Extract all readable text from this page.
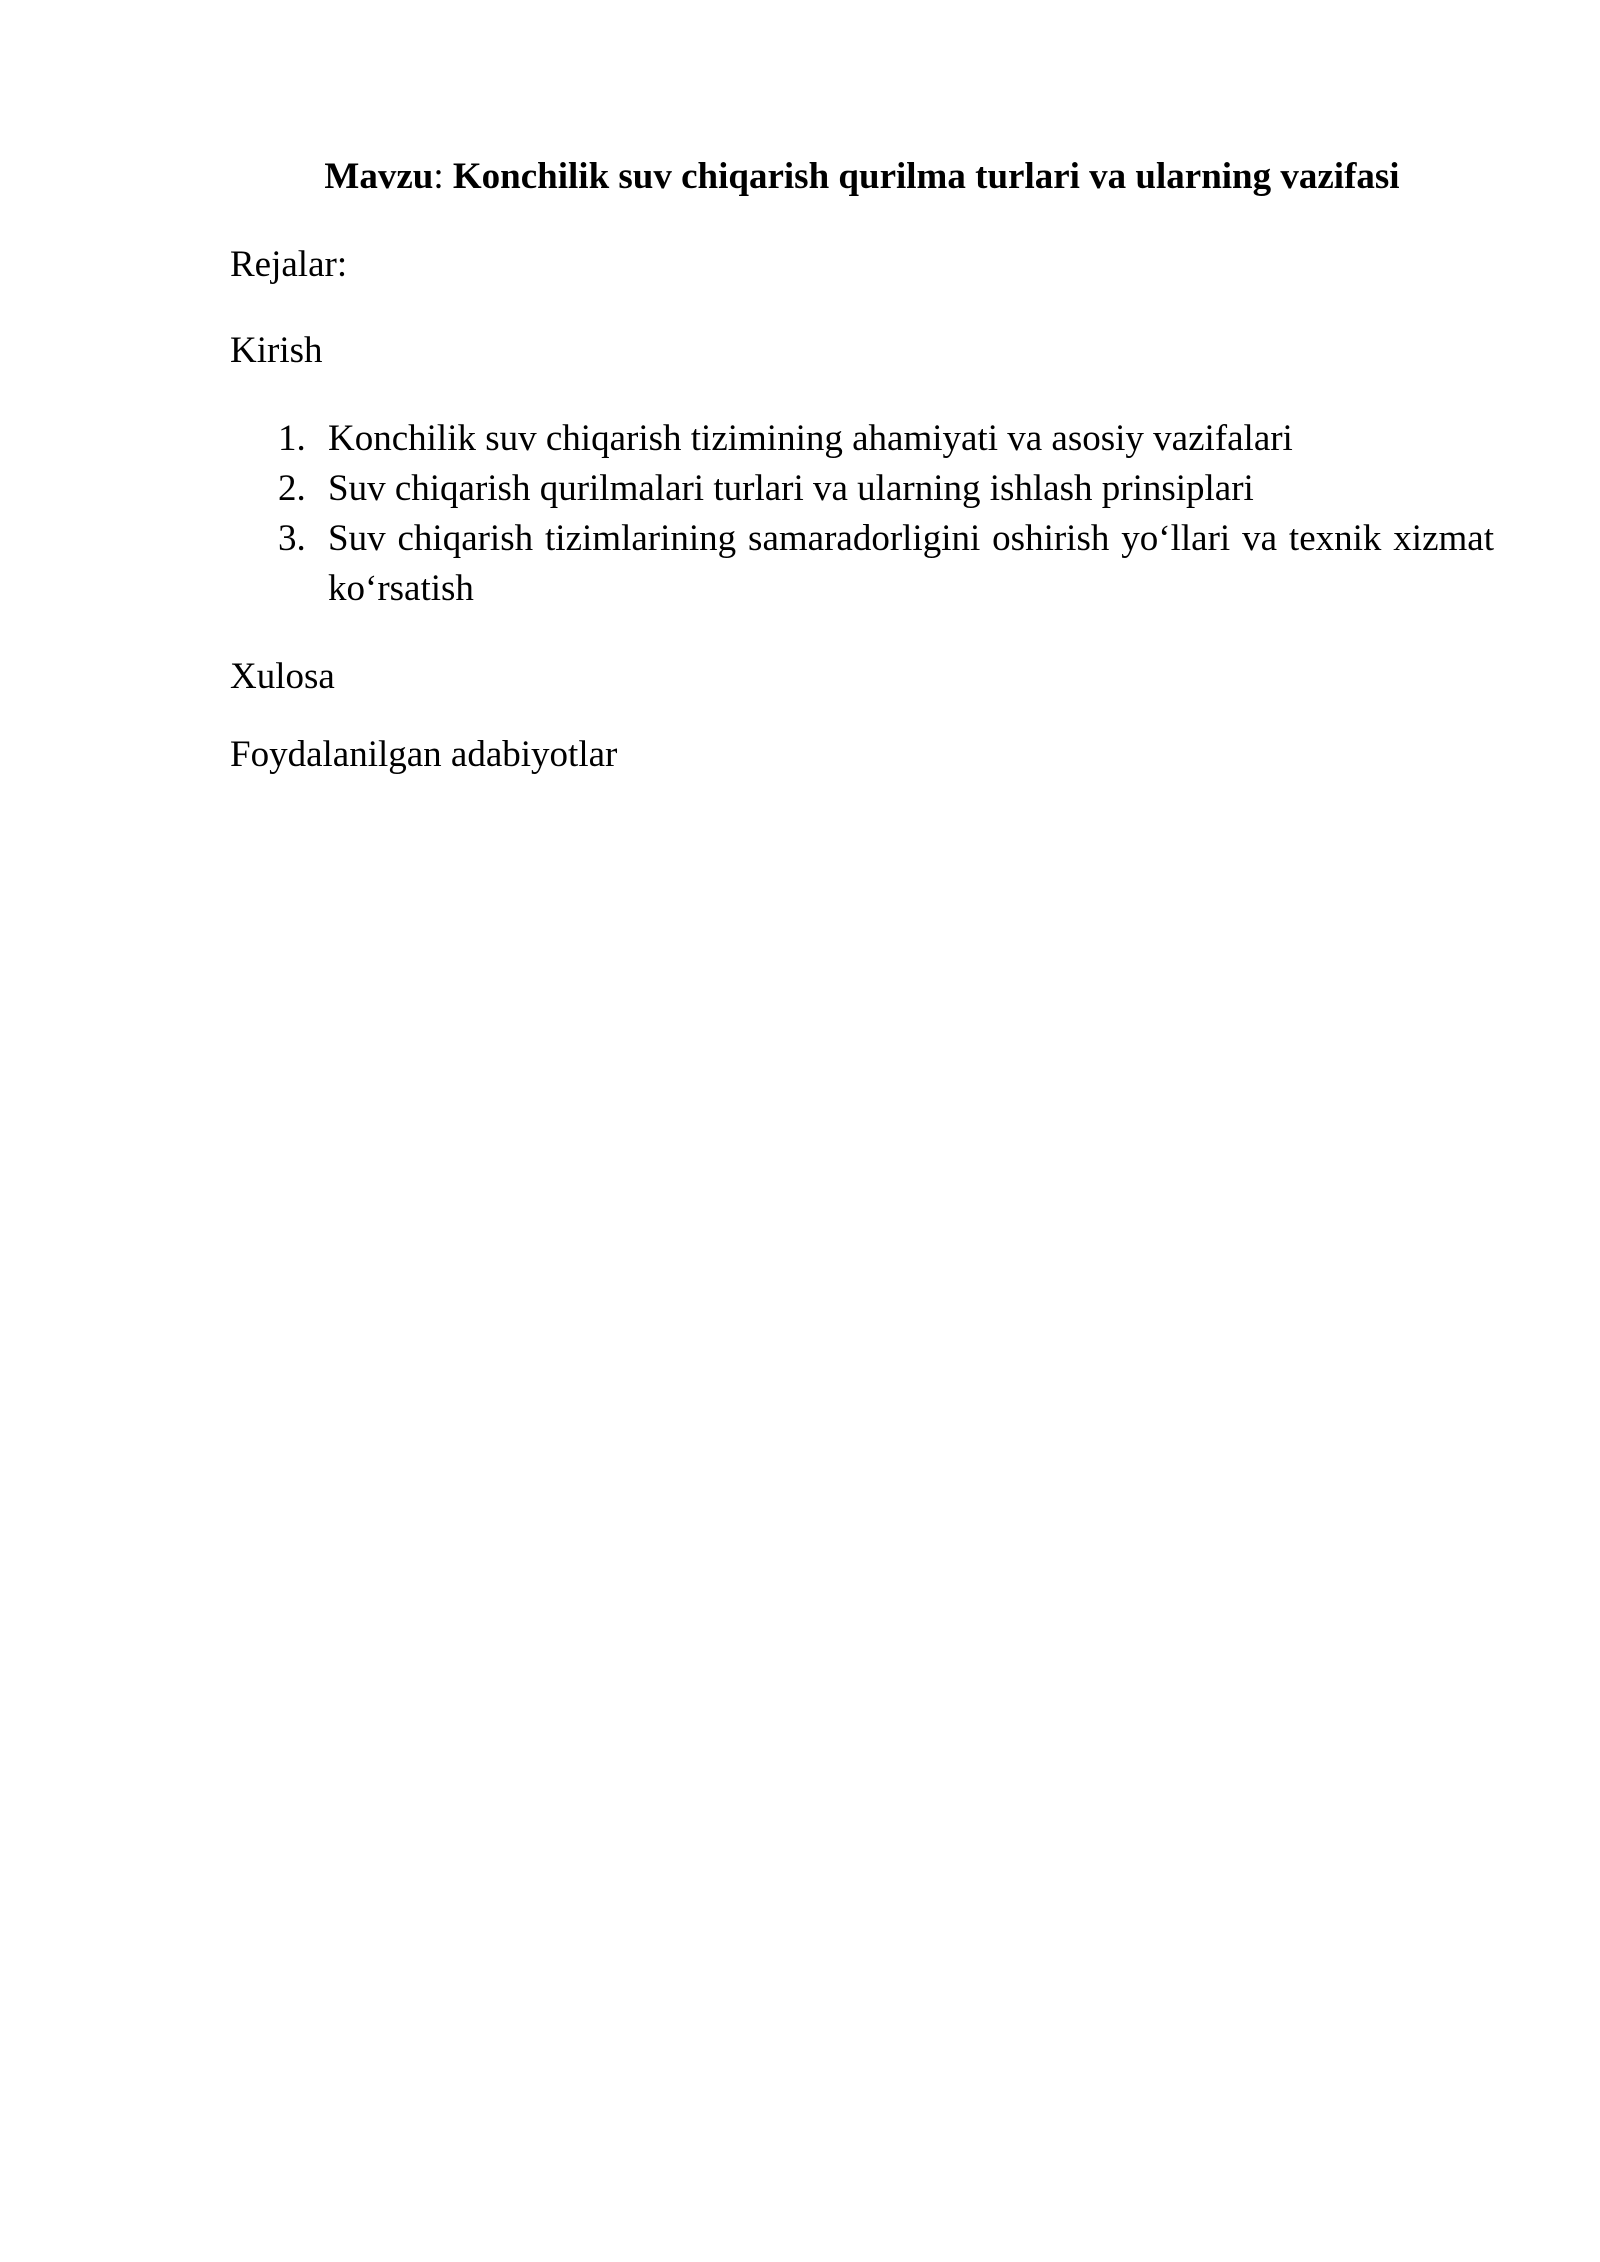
Mavzu: Konchilik suv chiqarish qurilma turlari va ularning vazifasi

Rejalar:

Kirish

1. Konchilik suv chiqarish tizimining ahamiyati va asosiy vazifalari
2. Suv chiqarish qurilmalari turlari va ularning ishlash prinsiplari
3. Suv chiqarish tizimlarining samaradorligini oshirish yo‘llari va texnik xizmat ko‘rsatish

Xulosa

Foydalanilgan adabiyotlar
